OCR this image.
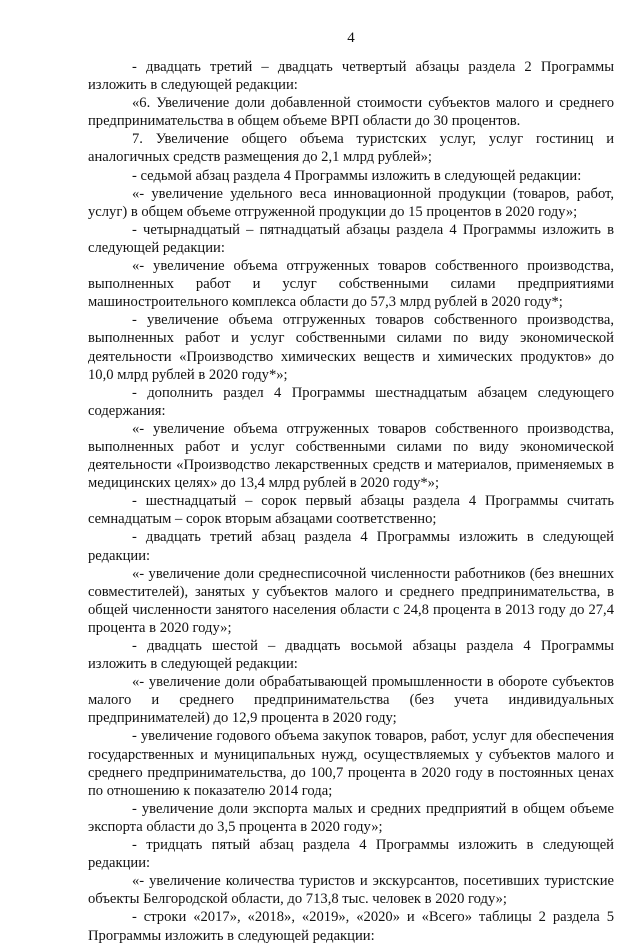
4

- двадцать третий – двадцать четвертый абзацы раздела 2 Программы изложить в следующей редакции:

«6. Увеличение доли добавленной стоимости субъектов малого и среднего предпринимательства в общем объеме ВРП области до 30 процентов.

7. Увеличение общего объема туристских услуг, услуг гостиниц и аналогичных средств размещения до 2,1 млрд рублей»;

- седьмой абзац раздела 4 Программы изложить в следующей редакции:

«- увеличение удельного веса инновационной продукции (товаров, работ, услуг) в общем объеме отгруженной продукции до 15 процентов в 2020 году»;

- четырнадцатый – пятнадцатый абзацы раздела 4 Программы изложить в следующей редакции:

«- увеличение объема отгруженных товаров собственного производства, выполненных работ и услуг собственными силами предприятиями машиностроительного комплекса области до 57,3 млрд рублей в 2020 году*;

- увеличение объема отгруженных товаров собственного производства, выполненных работ и услуг собственными силами по виду экономической деятельности «Производство химических веществ и химических продуктов» до 10,0 млрд рублей в 2020 году*»;

- дополнить раздел 4 Программы шестнадцатым абзацем следующего содержания:

«- увеличение объема отгруженных товаров собственного производства, выполненных работ и услуг собственными силами по виду экономической деятельности «Производство лекарственных средств и материалов, применяемых в медицинских целях» до 13,4 млрд рублей в 2020 году*»;

- шестнадцатый – сорок первый абзацы раздела 4 Программы считать семнадцатым – сорок вторым абзацами соответственно;

- двадцать третий абзац раздела 4 Программы изложить в следующей редакции:

«- увеличение доли среднесписочной численности работников (без внешних совместителей), занятых у субъектов малого и среднего предпринимательства, в общей численности занятого населения области с 24,8 процента в 2013 году до 27,4 процента в 2020 году»;

- двадцать шестой – двадцать восьмой абзацы раздела 4 Программы изложить в следующей редакции:

«- увеличение доли обрабатывающей промышленности в обороте субъектов малого и среднего предпринимательства (без учета индивидуальных предпринимателей) до 12,9 процента в 2020 году;

- увеличение годового объема закупок товаров, работ, услуг для обеспечения государственных и муниципальных нужд, осуществляемых у субъектов малого и среднего предпринимательства, до 100,7 процента в 2020 году в постоянных ценах по отношению к показателю 2014 года;

- увеличение доли экспорта малых и средних предприятий в общем объеме экспорта области до 3,5 процента в 2020 году»;

- тридцать пятый абзац раздела 4 Программы изложить в следующей редакции:

«- увеличение количества туристов и экскурсантов, посетивших туристские объекты Белгородской области, до 713,8 тыс. человек в 2020 году»;

- строки «2017», «2018», «2019», «2020» и «Всего» таблицы 2 раздела 5 Программы изложить в следующей редакции:
